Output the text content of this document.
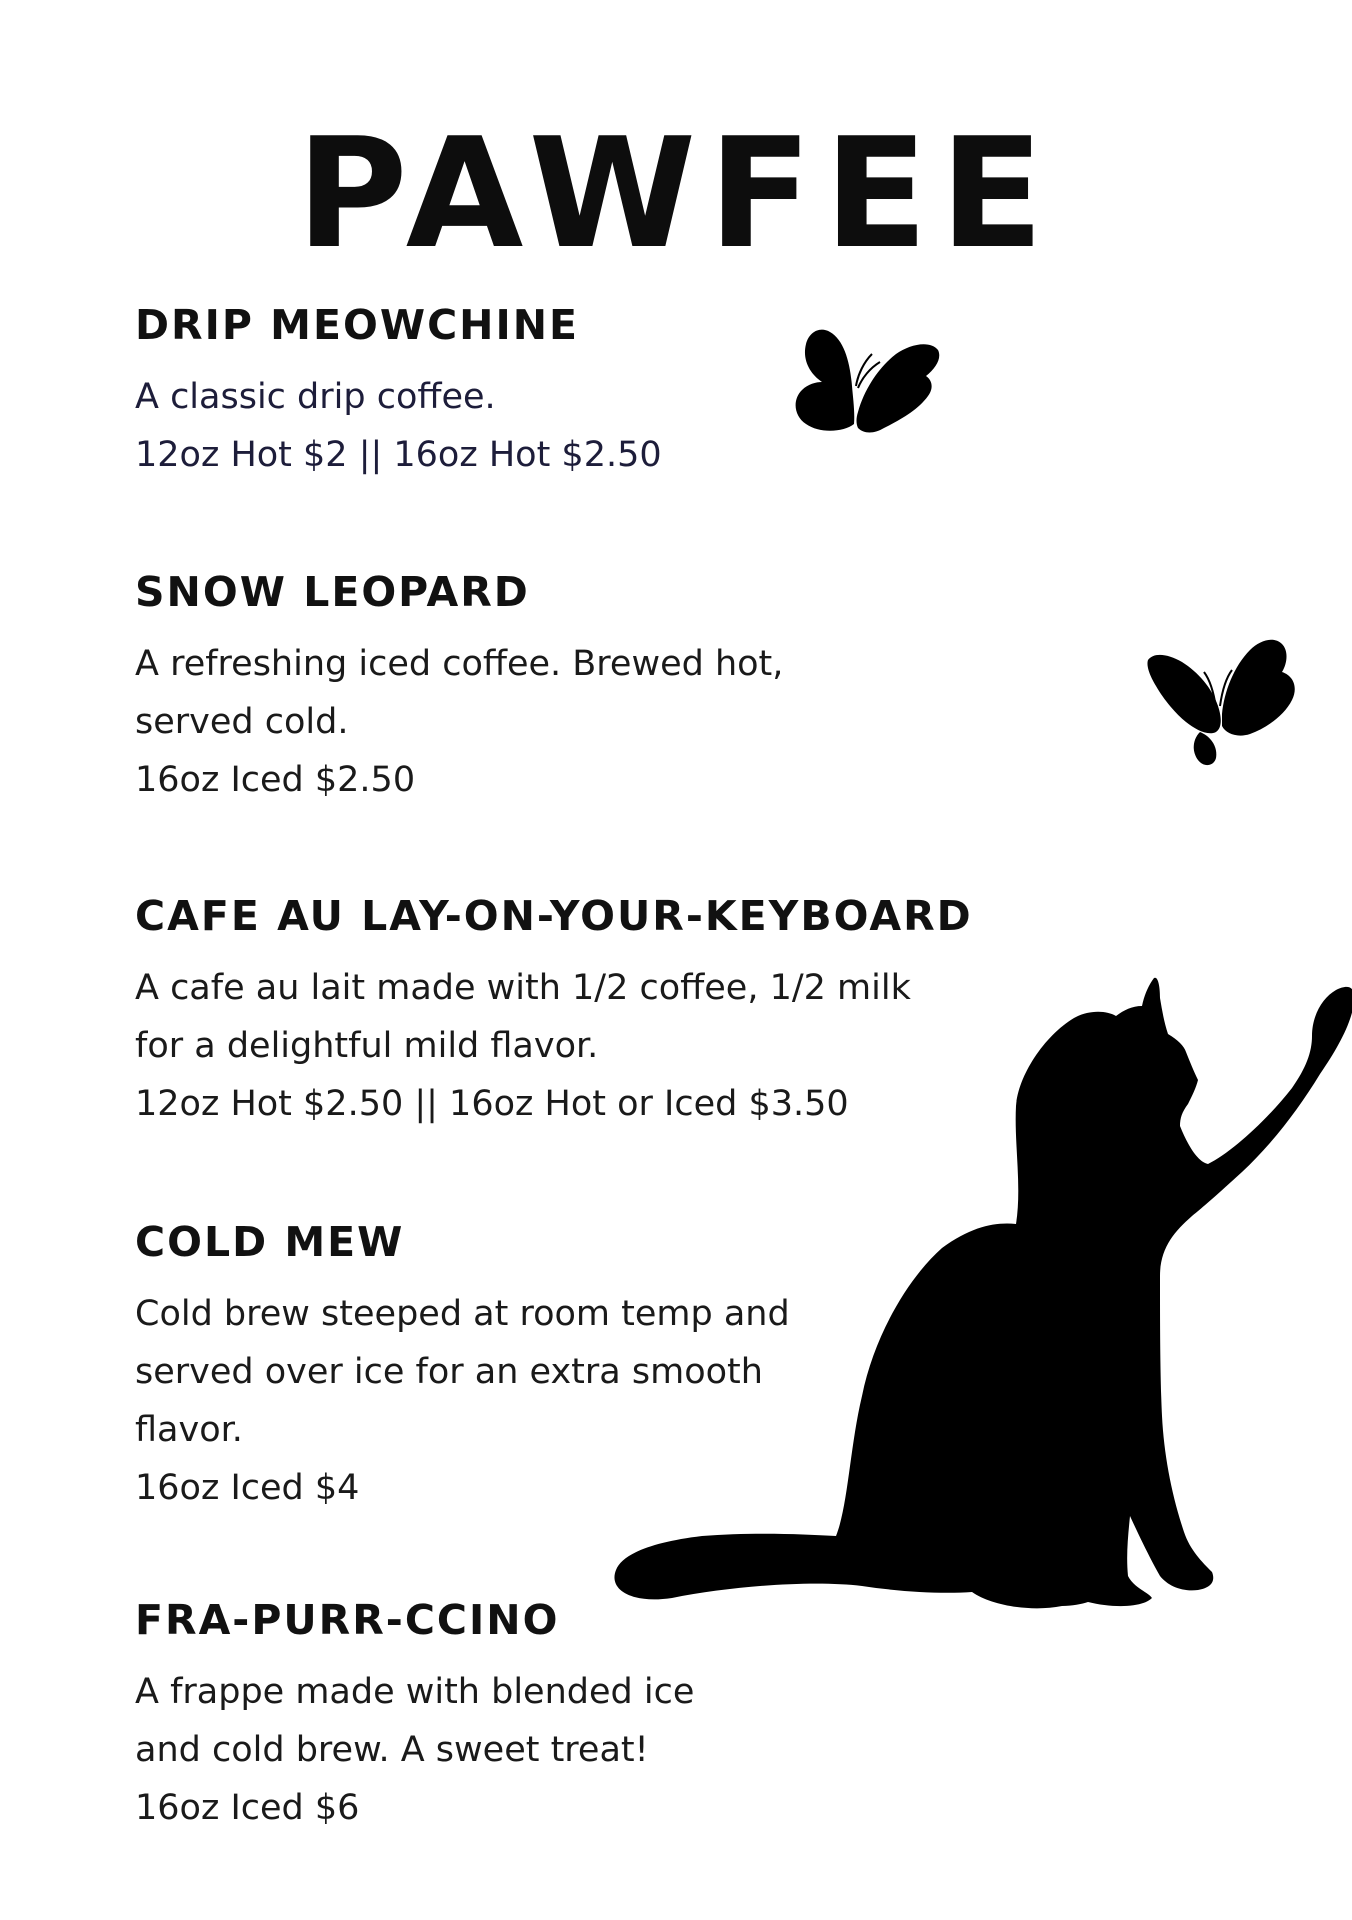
PAWFEE
DRIP MEOWCHINE
A classic drip coffee.
12oz Hot $2 || 16oz Hot $2.50
SNOW LEOPARD
A refreshing iced coffee. Brewed hot,
served cold.
16oz Iced $2.50
CAFE AU LAY-ON-YOUR-KEYBOARD
A cafe au lait made with 1/2 coffee, 1/2 milk
for a delightful mild flavor.
12oz Hot $2.50 || 16oz Hot or Iced $3.50
COLD MEW
Cold brew steeped at room temp and
served over ice for an extra smooth
flavor.
16oz Iced $4
FRA-PURR-CCINO
A frappe made with blended ice
and cold brew. A sweet treat!
16oz Iced $6
